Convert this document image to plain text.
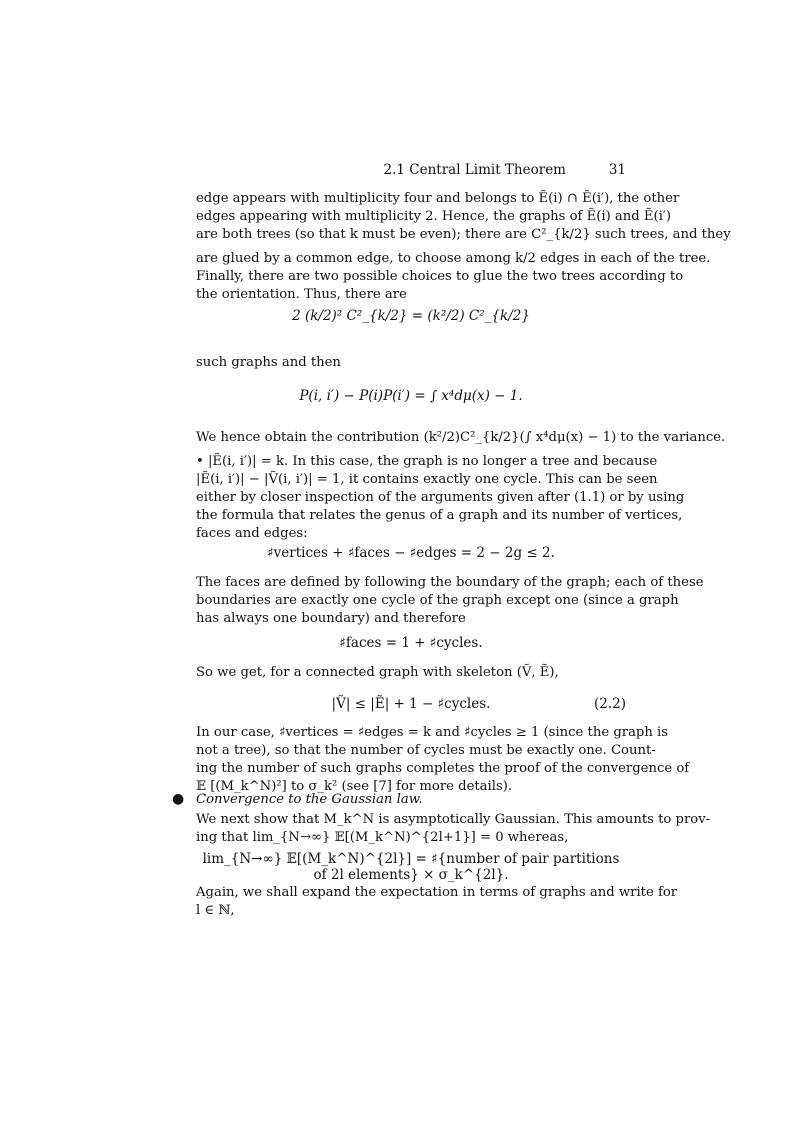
2.1 Central Limit Theorem	31
edge appears with multiplicity four and belongs to Ẽ(i) ∩ Ẽ(i′), the other
edges appearing with multiplicity 2. Hence, the graphs of Ẽ(i) and Ẽ(i′)
are both trees (so that k must be even); there are C²_{k/2} such trees, and they
are glued by a common edge, to choose among k/2 edges in each of the tree.
Finally, there are two possible choices to glue the two trees according to
the orientation. Thus, there are
2 (k/2)² C²_{k/2} = (k²/2) C²_{k/2}
such graphs and then
P(i, i′) − P(i)P(i′) = ∫ x⁴dμ(x) − 1.
We hence obtain the contribution (k²/2)C²_{k/2}(∫ x⁴dμ(x) − 1) to the variance.
• |Ẽ(i, i′)| = k. In this case, the graph is no longer a tree and because
|Ẽ(i, i′)| − |Ṽ(i, i′)| = 1, it contains exactly one cycle. This can be seen
either by closer inspection of the arguments given after (1.1) or by using
the formula that relates the genus of a graph and its number of vertices,
faces and edges:
♯vertices + ♯faces − ♯edges = 2 − 2g ≤ 2.
The faces are defined by following the boundary of the graph; each of these
boundaries are exactly one cycle of the graph except one (since a graph
has always one boundary) and therefore
♯faces = 1 + ♯cycles.
So we get, for a connected graph with skeleton (Ṽ, Ẽ),
|Ṽ| ≤ |Ẽ| + 1 − ♯cycles.	(2.2)
In our case, ♯vertices = ♯edges = k and ♯cycles ≥ 1 (since the graph is
not a tree), so that the number of cycles must be exactly one. Count-
ing the number of such graphs completes the proof of the convergence of
𝔼 [(M_k^N)²] to σ_k² (see [7] for more details).
● Convergence to the Gaussian law.
We next show that M_k^N is asymptotically Gaussian. This amounts to prov-
ing that lim_{N→∞} 𝔼[(M_k^N)^{2l+1}] = 0 whereas,
lim_{N→∞} 𝔼[(M_k^N)^{2l}] = ♯{number of pair partitions of 2l elements} × σ_k^{2l}.
Again, we shall expand the expectation in terms of graphs and write for
l ∈ ℕ,
